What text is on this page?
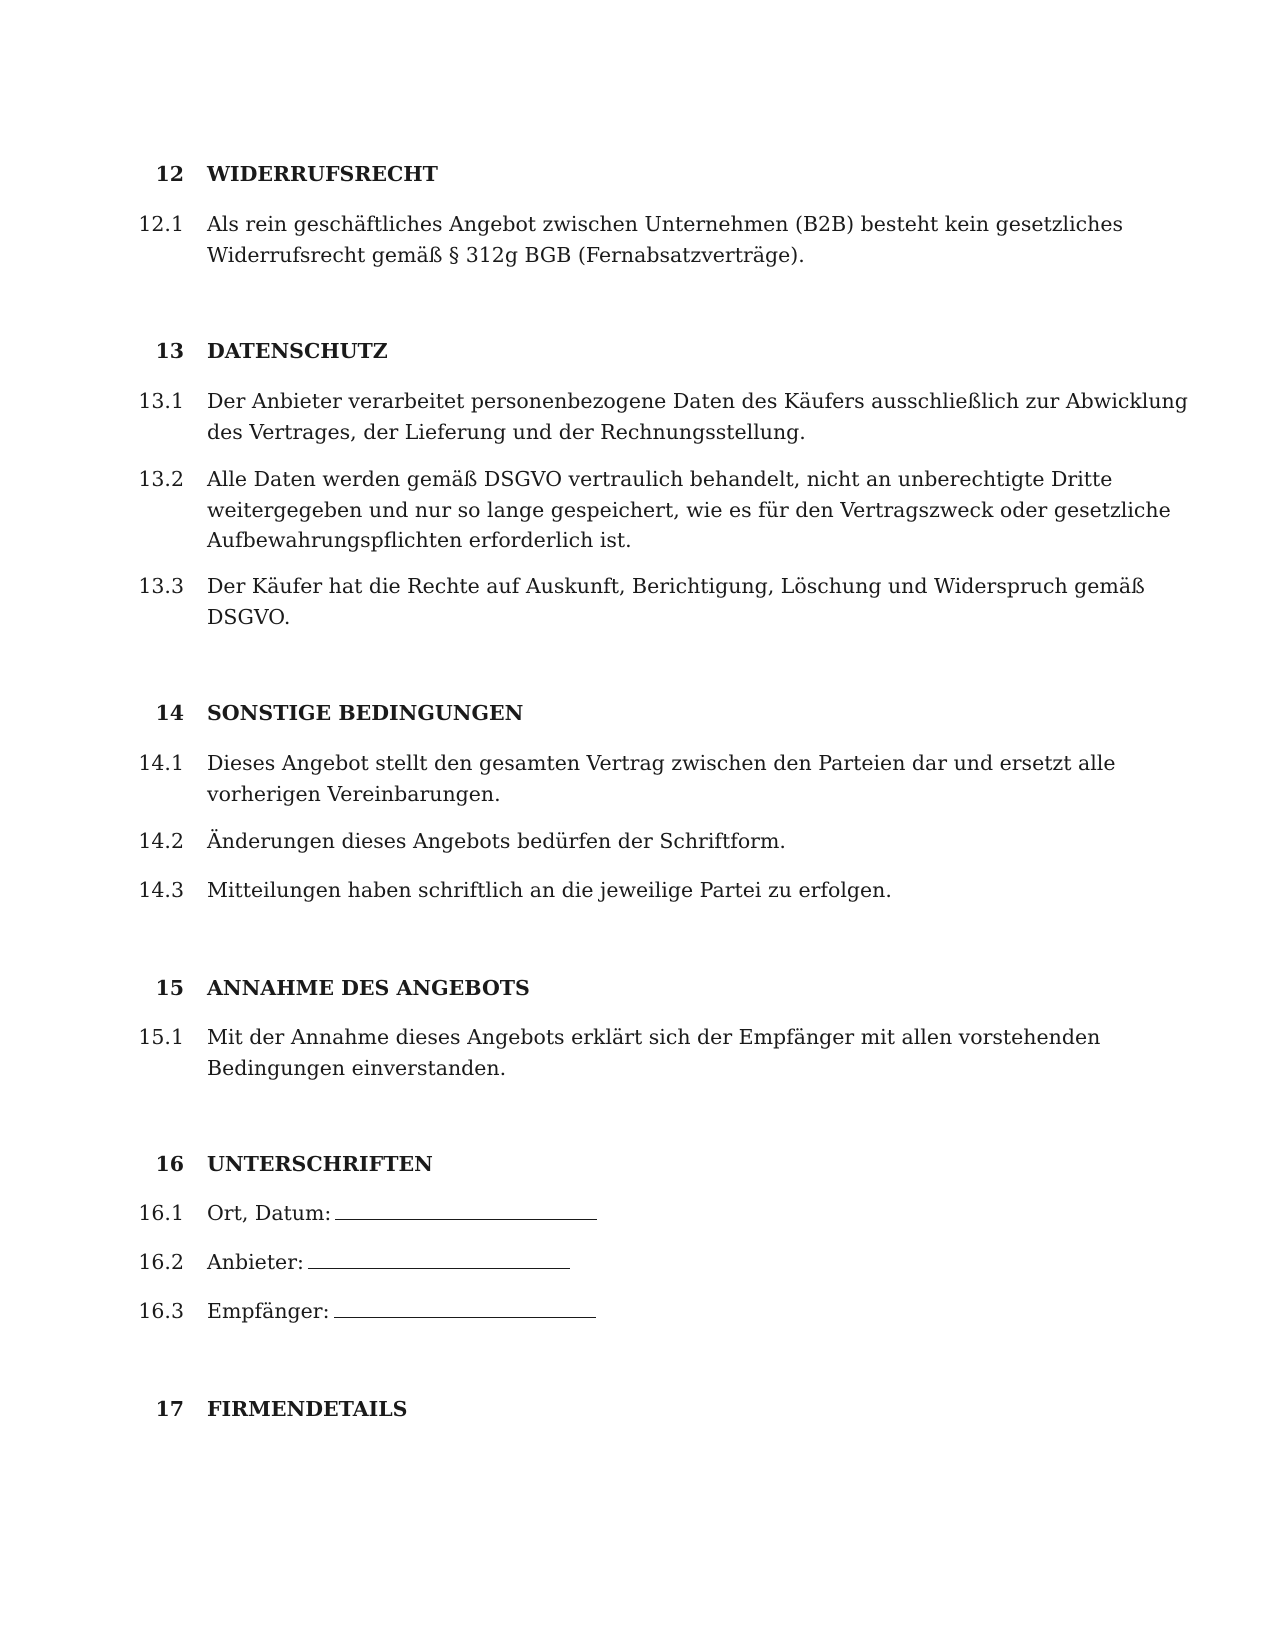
12 WIDERRUFSRECHT
12.1 Als rein geschäftliches Angebot zwischen Unternehmen (B2B) besteht kein gesetzliches
Widerrufsrecht gemäß § 312g BGB (Fernabsatzverträge).
13 DATENSCHUTZ
13.1 Der Anbieter verarbeitet personenbezogene Daten des Käufers ausschließlich zur Abwicklung
des Vertrages, der Lieferung und der Rechnungsstellung.
13.2 Alle Daten werden gemäß DSGVO vertraulich behandelt, nicht an unberechtigte Dritte
weitergegeben und nur so lange gespeichert, wie es für den Vertragszweck oder gesetzliche
Aufbewahrungspflichten erforderlich ist.
13.3 Der Käufer hat die Rechte auf Auskunft, Berichtigung, Löschung und Widerspruch gemäß
DSGVO.
14 SONSTIGE BEDINGUNGEN
14.1 Dieses Angebot stellt den gesamten Vertrag zwischen den Parteien dar und ersetzt alle
vorherigen Vereinbarungen.
14.2 Änderungen dieses Angebots bedürfen der Schriftform.
14.3 Mitteilungen haben schriftlich an die jeweilige Partei zu erfolgen.
15 ANNAHME DES ANGEBOTS
15.1 Mit der Annahme dieses Angebots erklärt sich der Empfänger mit allen vorstehenden
Bedingungen einverstanden.
16 UNTERSCHRIFTEN
16.1 Ort, Datum:
16.2 Anbieter:
16.3 Empfänger:
17 FIRMENDETAILS
